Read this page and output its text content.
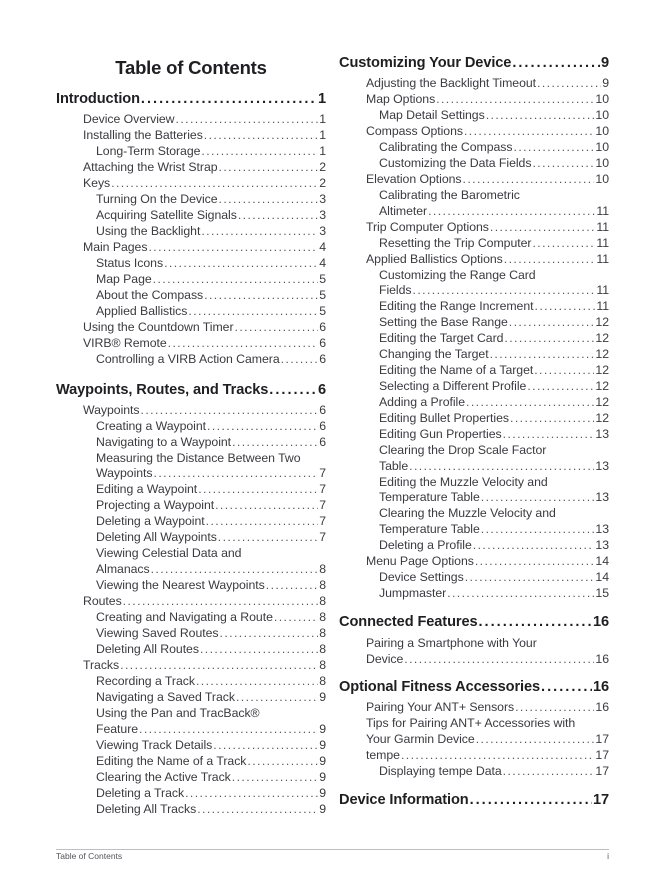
Table of Contents
Introduction .....	1
Device Overview .....	1
Installing the Batteries .....	1
Long-Term Storage .....	1
Attaching the Wrist Strap .....	2
Keys .....	2
Turning On the Device .....	3
Acquiring Satellite Signals .....	3
Using the Backlight .....	3
Main Pages .....	4
Status Icons .....	4
Map Page .....	5
About the Compass .....	5
Applied Ballistics .....	5
Using the Countdown Timer .....	6
VIRB® Remote .....	6
Controlling a VIRB Action Camera .....	6
Waypoints, Routes, and Tracks .....	6
Waypoints .....	6
Creating a Waypoint .....	6
Navigating to a Waypoint .....	6
Measuring the Distance Between Two
Waypoints .....	7
Editing a Waypoint .....	7
Projecting a Waypoint .....	7
Deleting a Waypoint .....	7
Deleting All Waypoints .....	7
Viewing Celestial Data and
Almanacs .....	8
Viewing the Nearest Waypoints .....	8
Routes .....	8
Creating and Navigating a Route .....	8
Viewing Saved Routes .....	8
Deleting All Routes .....	8
Tracks .....	8
Recording a Track .....	8
Navigating a Saved Track .....	9
Using the Pan and TracBack®
Feature .....	9
Viewing Track Details .....	9
Editing the Name of a Track .....	9
Clearing the Active Track .....	9
Deleting a Track .....	9
Deleting All Tracks .....	9
Customizing Your Device .....	9
Adjusting the Backlight Timeout .....	9
Map Options .....	10
Map Detail Settings .....	10
Compass Options .....	10
Calibrating the Compass .....	10
Customizing the Data Fields .....	10
Elevation Options .....	10
Calibrating the Barometric
Altimeter .....	11
Trip Computer Options .....	11
Resetting the Trip Computer .....	11
Applied Ballistics Options .....	11
Customizing the Range Card
Fields .....	11
Editing the Range Increment .....	11
Setting the Base Range .....	12
Editing the Target Card .....	12
Changing the Target .....	12
Editing the Name of a Target .....	12
Selecting a Different Profile .....	12
Adding a Profile .....	12
Editing Bullet Properties .....	12
Editing Gun Properties .....	13
Clearing the Drop Scale Factor
Table .....	13
Editing the Muzzle Velocity and
Temperature Table .....	13
Clearing the Muzzle Velocity and
Temperature Table .....	13
Deleting a Profile .....	13
Menu Page Options .....	14
Device Settings .....	14
Jumpmaster .....	15
Connected Features .....	16
Pairing a Smartphone with Your
Device .....	16
Optional Fitness Accessories .....	16
Pairing Your ANT+ Sensors .....	16
Tips for Pairing ANT+ Accessories with
Your Garmin Device .....	17
tempe .....	17
Displaying tempe Data .....	17
Device Information .....	17
Table of Contents	i
